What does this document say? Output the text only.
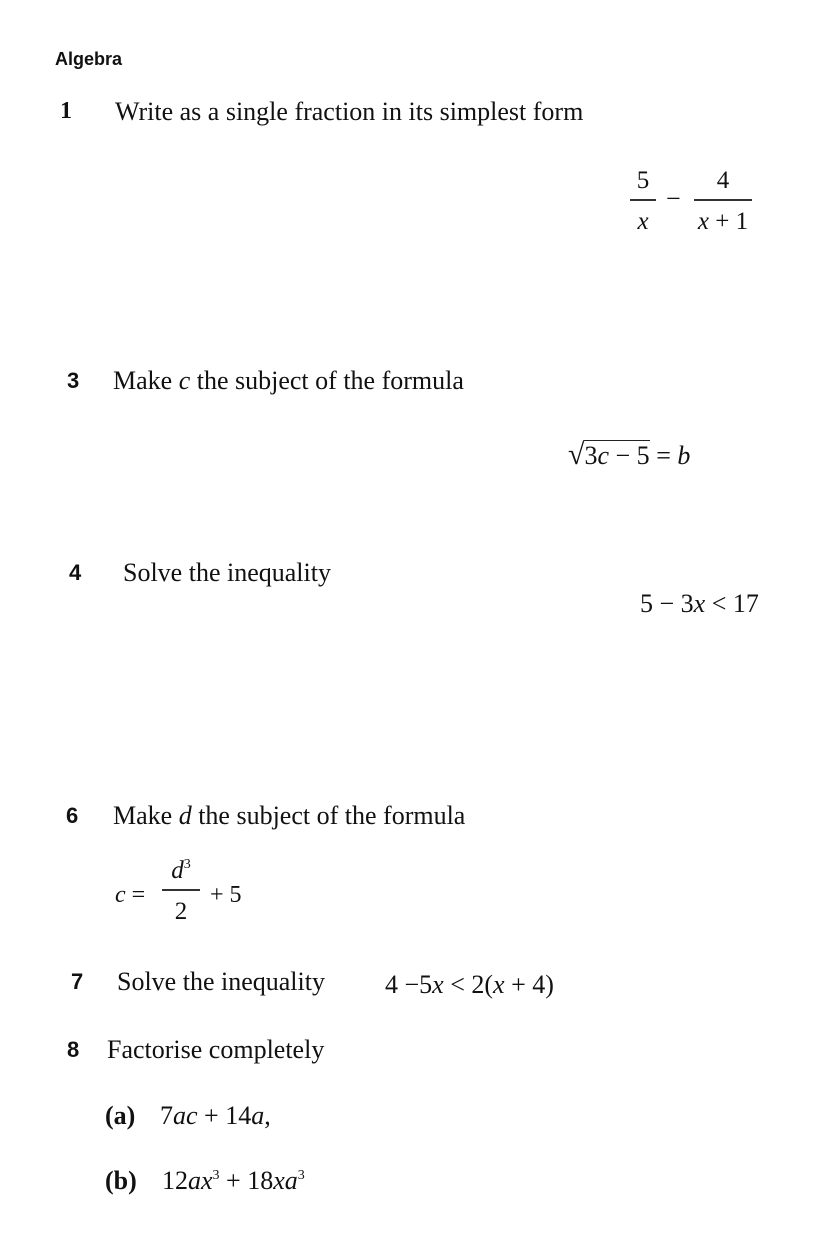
Algebra
1 Write as a single fraction in its simplest form
5
x
−
4
x + 1
3 Make c the subject of the formula
√3c − 5 = b
4 Solve the inequality
5 − 3x < 17
6 Make d the subject of the formula
c =
$d^3$
2
+ 5
7 Solve the inequality 4 −5x < 2(x + 4)
8 Factorise completely
(a) 7ac + 14a,
(b) $12ax^3 + 18xa^3$
